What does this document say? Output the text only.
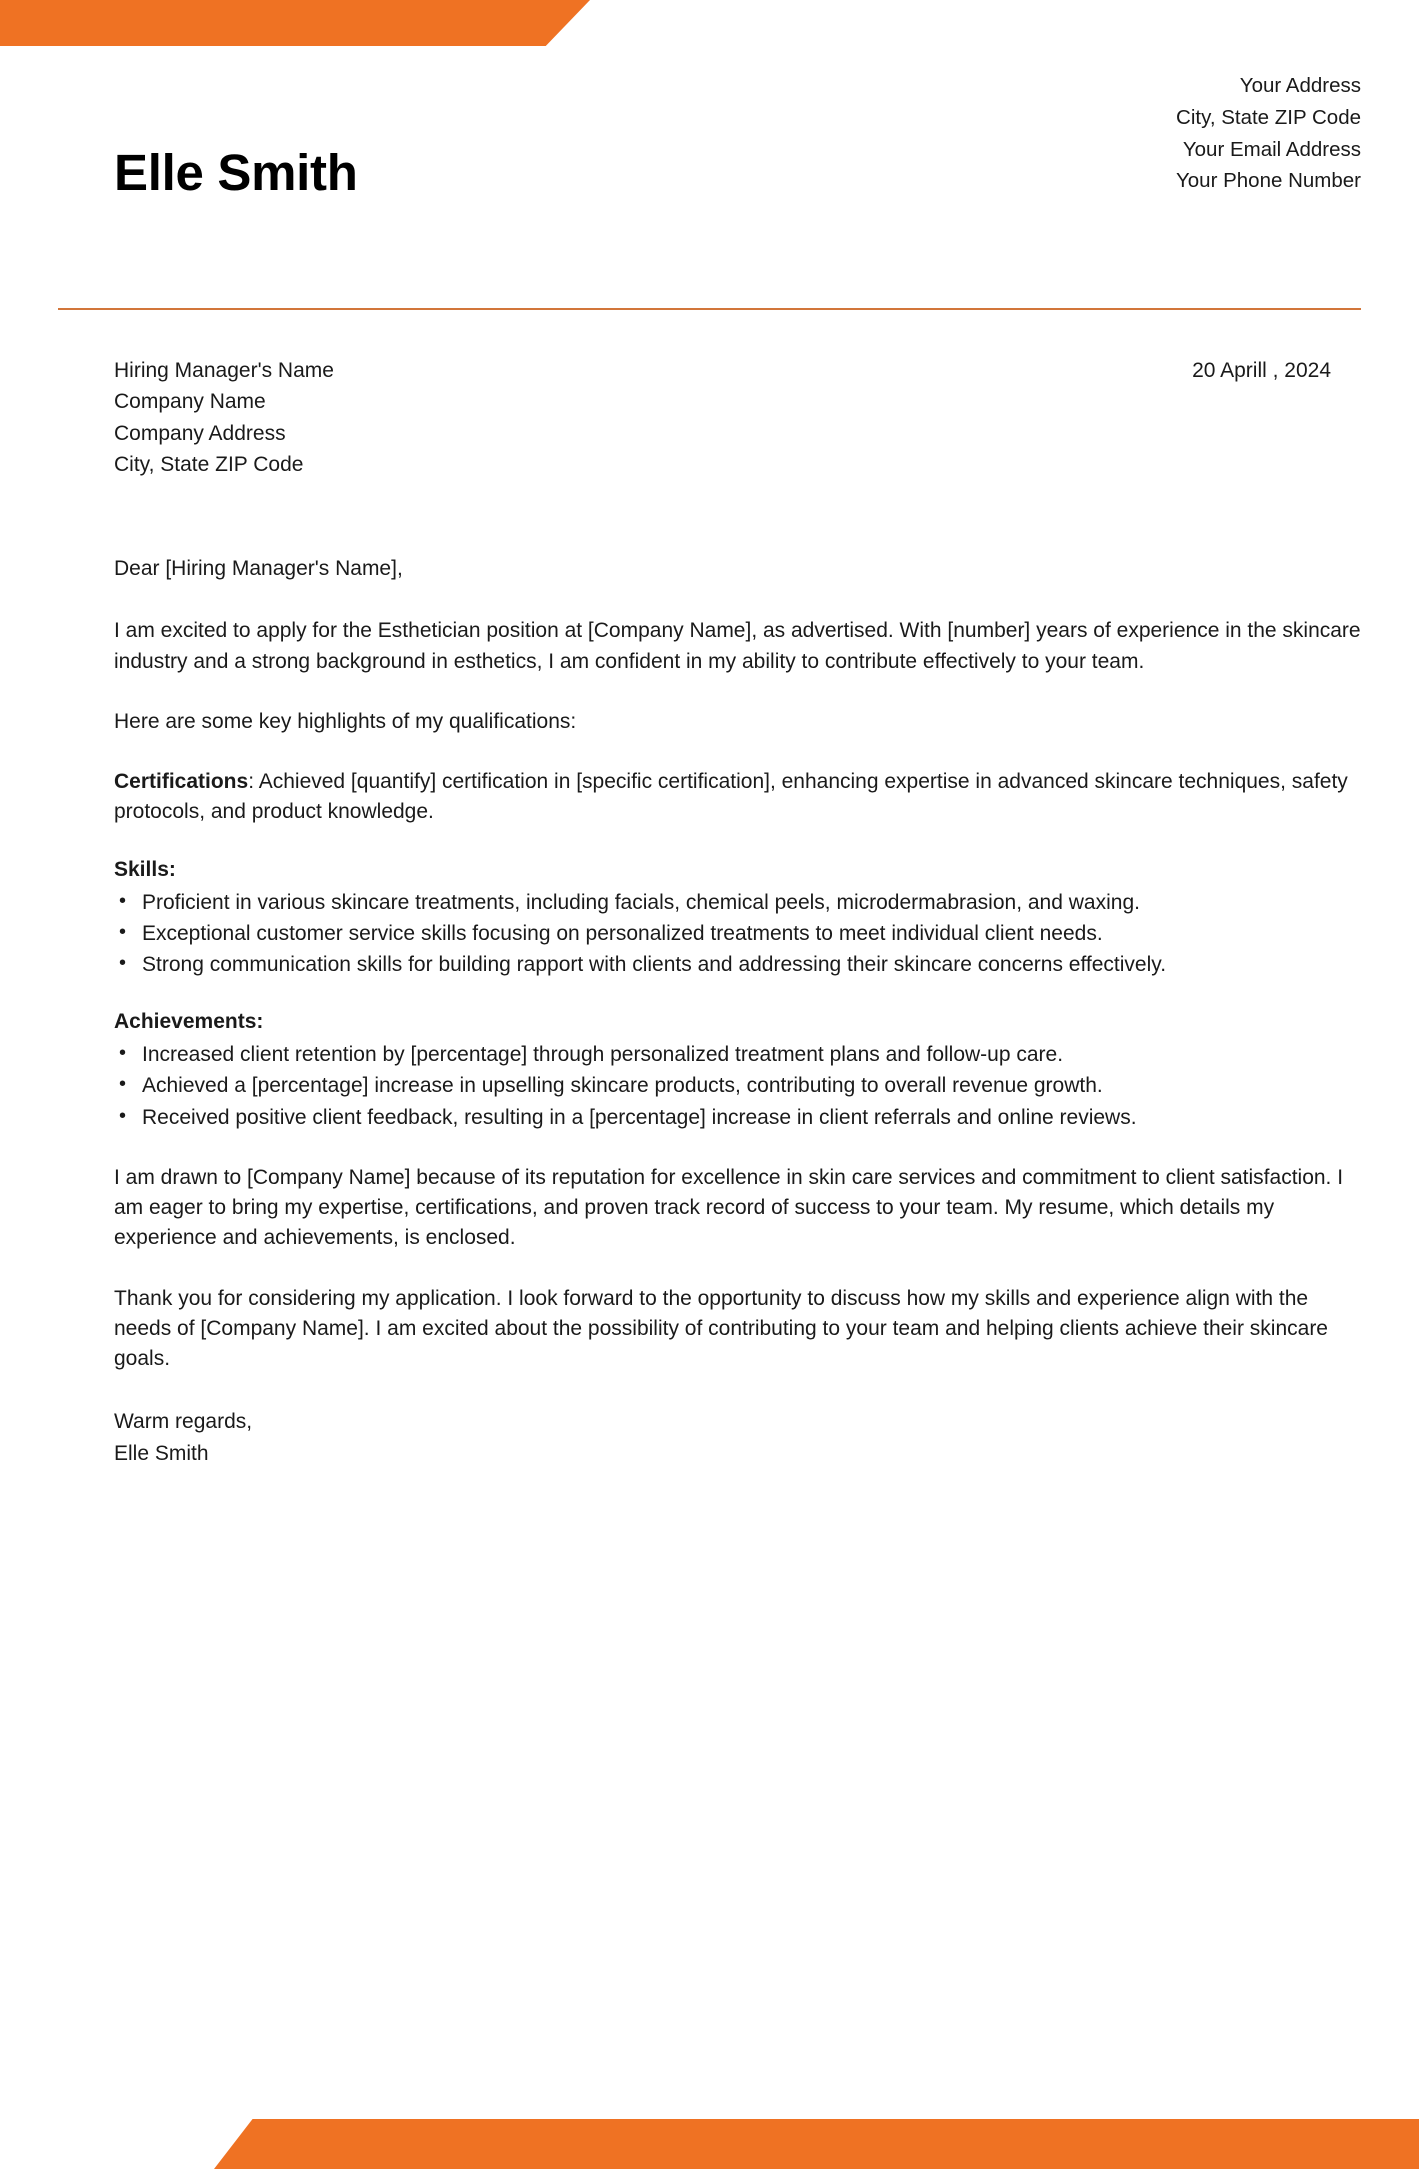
Elle Smith
Your Address
City, State ZIP Code
Your Email Address
Your Phone Number
Hiring Manager's Name
Company Name
Company Address
City, State ZIP Code
20 Aprill , 2024

Dear [Hiring Manager's Name],

I am excited to apply for the Esthetician position at [Company Name], as advertised. With [number] years of experience in the skincare industry and a strong background in esthetics, I am confident in my ability to contribute effectively to your team.

Here are some key highlights of my qualifications:

Certifications: Achieved [quantify] certification in [specific certification], enhancing expertise in advanced skincare techniques, safety protocols, and product knowledge.

Skills:

• Proficient in various skincare treatments, including facials, chemical peels, microdermabrasion, and waxing.
• Exceptional customer service skills focusing on personalized treatments to meet individual client needs.
• Strong communication skills for building rapport with clients and addressing their skincare concerns effectively.

Achievements:

• Increased client retention by [percentage] through personalized treatment plans and follow-up care.
• Achieved a [percentage] increase in upselling skincare products, contributing to overall revenue growth.
• Received positive client feedback, resulting in a [percentage] increase in client referrals and online reviews.

I am drawn to [Company Name] because of its reputation for excellence in skin care services and commitment to client satisfaction. I am eager to bring my expertise, certifications, and proven track record of success to your team. My resume, which details my experience and achievements, is enclosed.

Thank you for considering my application. I look forward to the opportunity to discuss how my skills and experience align with the needs of [Company Name]. I am excited about the possibility of contributing to your team and helping clients achieve their skincare goals.

Warm regards,
Elle Smith
